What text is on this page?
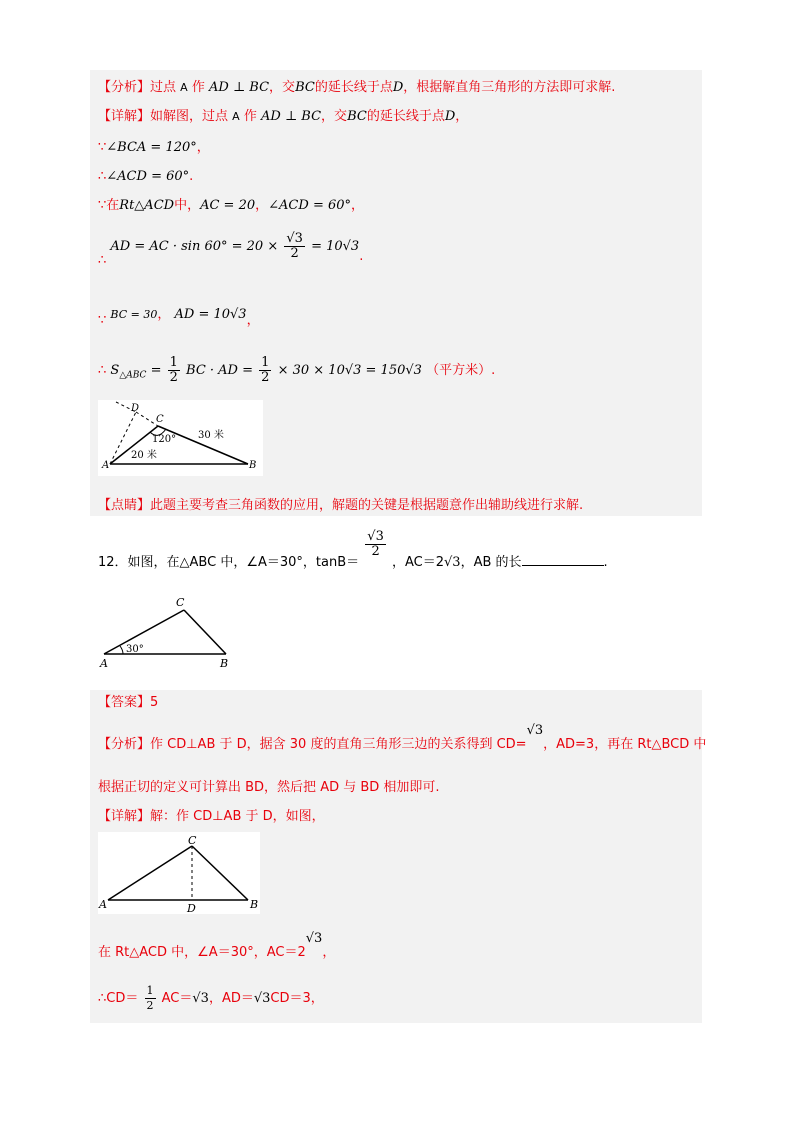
【分析】过点 A 作 AD ⊥ BC，交BC的延长线于点D，根据解直角三角形的方法即可求解.
【详解】如解图，过点 A 作 AD ⊥ BC，交BC的延长线于点D，
∵∠BCA = 120°，
∴∠ACD = 60°.
∵在Rt△ACD中，AC = 20，∠ACD = 60°，
∴ AD = AC · $\sin 60^\circ = 20 \times \frac{√3}{2} = 10√3$.
∵ BC = 30， AD = 10√3，
∴ $S_{\triangle ABC} = \frac{1}{2}$ BC · AD = $\frac{1}{2} \times 30 \times 10√3 = 150√3$ （平方米）.
D
C
A	B
120° 30 米
20 米
【点睛】此题主要考查三角函数的应用，解题的关键是根据题意作出辅助线进行求解.
12．如图，在△ABC 中，∠A＝30°，tanB＝
$\frac{√3}{2}$
，AC＝2√3，AB 的长	.
C
A	B
30°
【答案】5
【分析】作 CD⊥AB 于 D，据含 30 度的直角三角形三边的关系得到 CD=√3，AD=3，再在 Rt△BCD 中
根据正切的定义可计算出 BD，然后把 AD 与 BD 相加即可.
【详解】解：作 CD⊥AB 于 D，如图，
C
A	B
D
在 Rt△ACD 中，∠A＝30°，AC＝2√3，
∴CD＝ $\frac{1}{2} AC=√3$，AD＝√3CD＝3，
